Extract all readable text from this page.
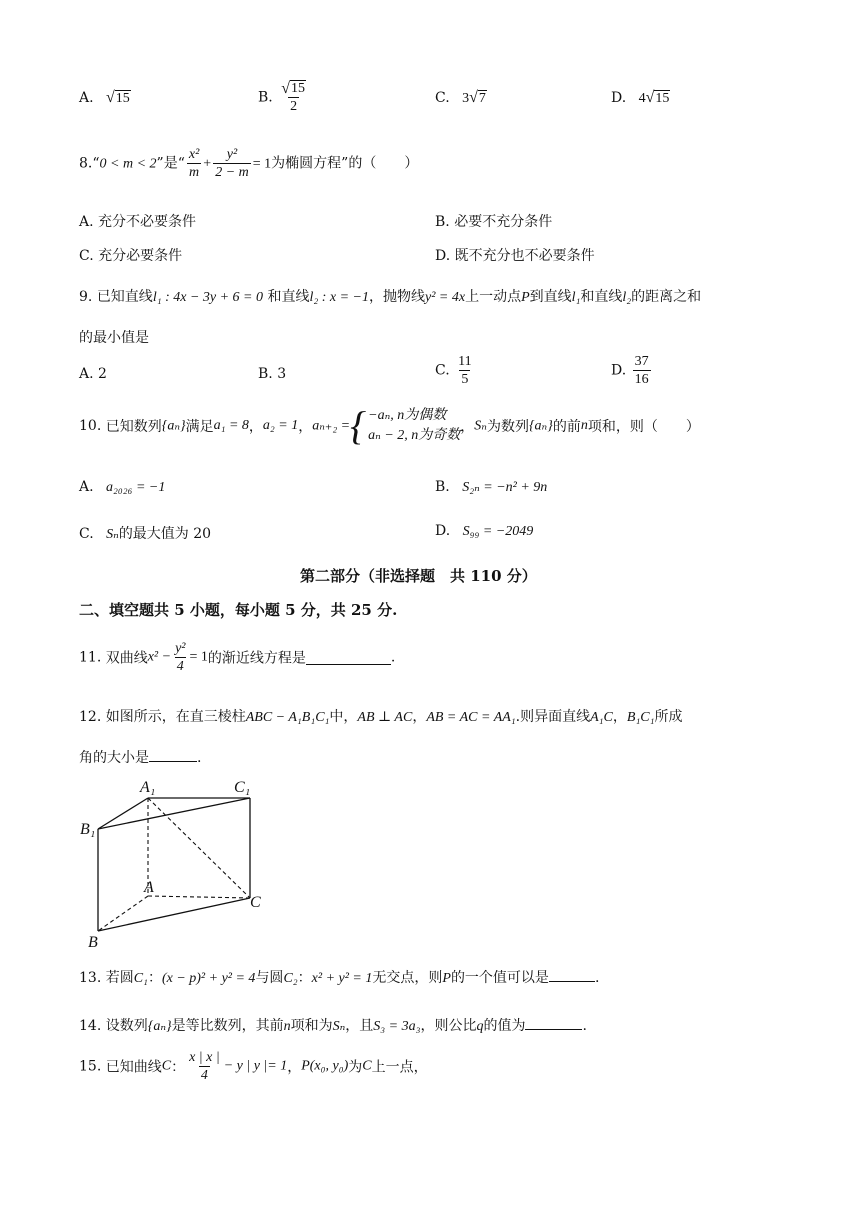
A. √ 15	B. $\frac{√ 15}{2}$	C. 3 √ 7	D. 4 √ 15
8.“0 < m < 2”是“ $\frac{\text{x²}}{m} + \frac{\text{y²}}{2 - m} = 1$为椭圆方程”的（　　）
A. 充分不必要条件	B. 必要不充分条件
C. 充分必要条件	D. 既不充分也不必要条件
9. 已知直线l₁ : 4x − 3y + 6 = 0 和直线l₂ : x = −1，抛物线y² = 4x上一动点P到直线l₁和直线l₂的距离之和
的最小值是
A. 2	B. 3	C. $\frac{11}{5}$	D. $\frac{37}{16}$
10. 已知数列{aₙ}满足a₁ = 8，a₂ = 1，aₙ₊₂ = { −aₙ, n为偶数
aₙ − 2, n为奇数
，Sₙ为数列{aₙ}的前n项和，则（　　）
A. a₂₀₂₆ = −1	B. S₂ₙ = −n² + 9n
C. Sₙ的最大值为 20	D. S₉₉ = −2049
第二部分（非选择题　共 110 分）
二、填空题共 5 小题，每小题 5 分，共 25 分.
11. 双曲线$x^2 - \frac{\text{y²}}{4} = 1$的渐近线方程是	.
12. 如图所示，在直三棱柱ABC − A₁B₁C₁中，AB ⊥ AC，AB = AC = AA₁.则异面直线A₁C，B₁C₁所成
角的大小是	.
A₁	C₁
B₁
A
C
B
13. 若圆C₁：(x − p)² + y² = 4与圆C₂：x² + y² = 1无交点，则P的一个值可以是	.
14. 设数列{aₙ}是等比数列，其前n项和为Sₙ，且S₃ = 3a₃，则公比q的值为	.
15. 已知曲线C： $\frac{x | x |}{4} - y$ | y |= 1，P(x₀, y₀)为C上一点，
